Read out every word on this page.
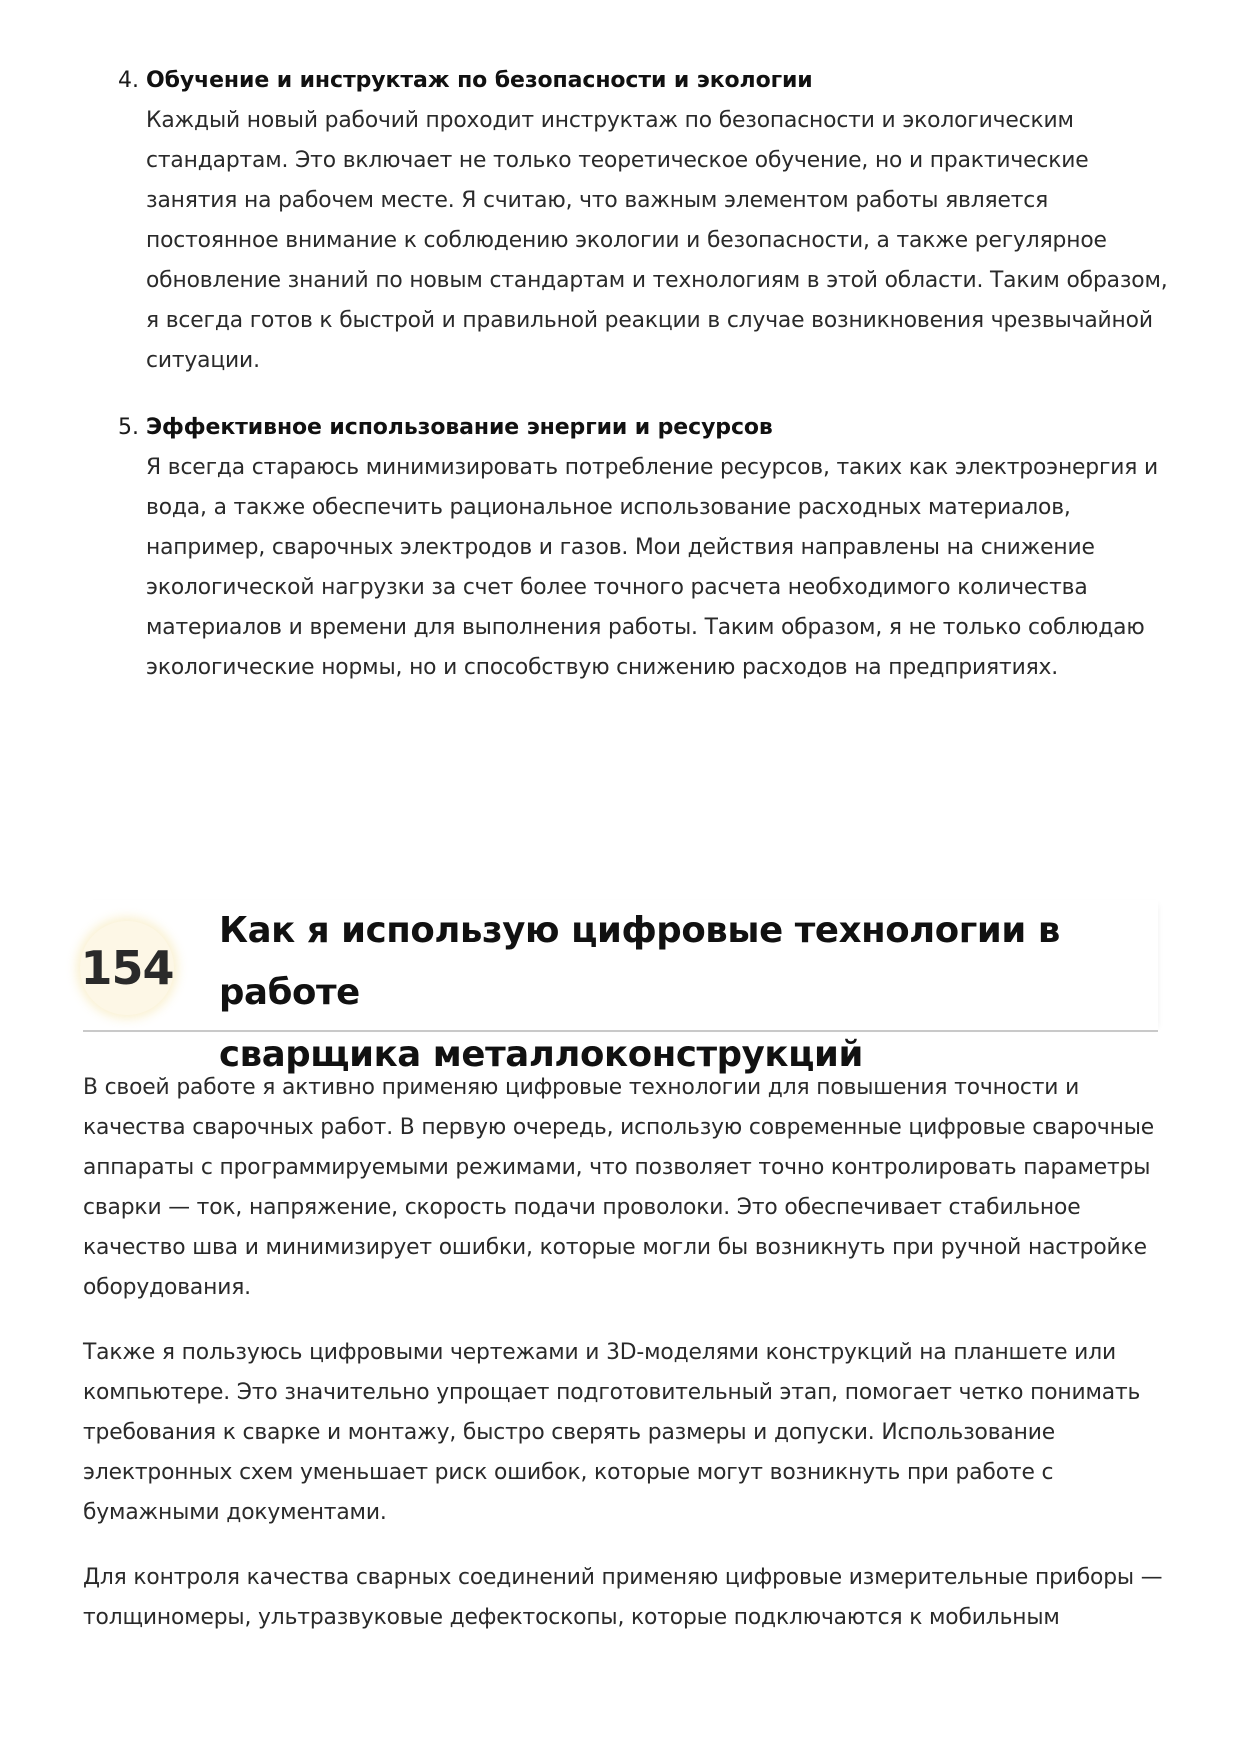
4. Обучение и инструктаж по безопасности и экологии
Каждый новый рабочий проходит инструктаж по безопасности и экологическим стандартам. Это включает не только теоретическое обучение, но и практические занятия на рабочем месте. Я считаю, что важным элементом работы является постоянное внимание к соблюдению экологии и безопасности, а также регулярное обновление знаний по новым стандартам и технологиям в этой области. Таким образом, я всегда готов к быстрой и правильной реакции в случае возникновения чрезвычайной ситуации.
5. Эффективное использование энергии и ресурсов
Я всегда стараюсь минимизировать потребление ресурсов, таких как электроэнергия и вода, а также обеспечить рациональное использование расходных материалов, например, сварочных электродов и газов. Мои действия направлены на снижение экологической нагрузки за счет более точного расчета необходимого количества материалов и времени для выполнения работы. Таким образом, я не только соблюдаю экологические нормы, но и способствую снижению расходов на предприятиях.
154
Как я использую цифровые технологии в работе
сварщика металлоконструкций

В своей работе я активно применяю цифровые технологии для повышения точности и качества сварочных работ. В первую очередь, использую современные цифровые сварочные аппараты с программируемыми режимами, что позволяет точно контролировать параметры сварки — ток, напряжение, скорость подачи проволоки. Это обеспечивает стабильное качество шва и минимизирует ошибки, которые могли бы возникнуть при ручной настройке оборудования.

Также я пользуюсь цифровыми чертежами и 3D-моделями конструкций на планшете или компьютере. Это значительно упрощает подготовительный этап, помогает четко понимать требования к сварке и монтажу, быстро сверять размеры и допуски. Использование электронных схем уменьшает риск ошибок, которые могут возникнуть при работе с бумажными документами.

Для контроля качества сварных соединений применяю цифровые измерительные приборы — толщиномеры, ультразвуковые дефектоскопы, которые подключаются к мобильным
